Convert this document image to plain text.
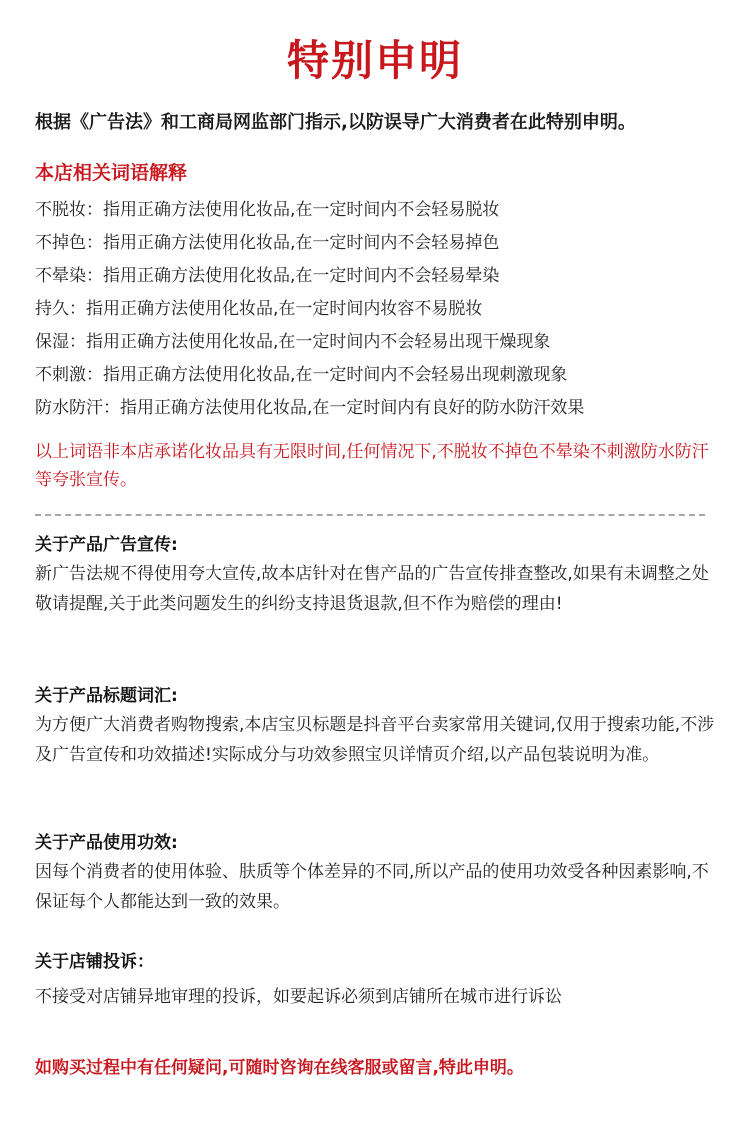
特别申明
根据《广告法》和工商局网监部门指示,以防误导广大消费者在此特别申明。
本店相关词语解释
不脱妆：指用正确方法使用化妆品,在一定时间内不会轻易脱妆
不掉色：指用正确方法使用化妆品,在一定时间内不会轻易掉色
不晕染：指用正确方法使用化妆品,在一定时间内不会轻易晕染
持久：指用正确方法使用化妆品,在一定时间内妆容不易脱妆
保湿：指用正确方法使用化妆品,在一定时间内不会轻易出现干燥现象
不刺激：指用正确方法使用化妆品,在一定时间内不会轻易出现刺激现象
防水防汗：指用正确方法使用化妆品,在一定时间内有良好的防水防汗效果
以上词语非本店承诺化妆品具有无限时间,任何情况下,不脱妆不掉色不晕染不刺激防水防汗等夸张宣传。
关于产品广告宣传:
新广告法规不得使用夸大宣传,故本店针对在售产品的广告宣传排查整改,如果有未调整之处敬请提醒,关于此类问题发生的纠纷支持退货退款,但不作为赔偿的理由!
关于产品标题词汇:
为方便广大消费者购物搜索,本店宝贝标题是抖音平台卖家常用关键词,仅用于搜索功能,不涉及广告宣传和功效描述!实际成分与功效参照宝贝详情页介绍,以产品包装说明为准。
关于产品使用功效:
因每个消费者的使用体验、肤质等个体差异的不同,所以产品的使用功效受各种因素影响,不保证每个人都能达到一致的效果。
关于店铺投诉：
不接受对店铺异地审理的投诉，如要起诉必须到店铺所在城市进行诉讼
如购买过程中有任何疑问,可随时咨询在线客服或留言,特此申明。
